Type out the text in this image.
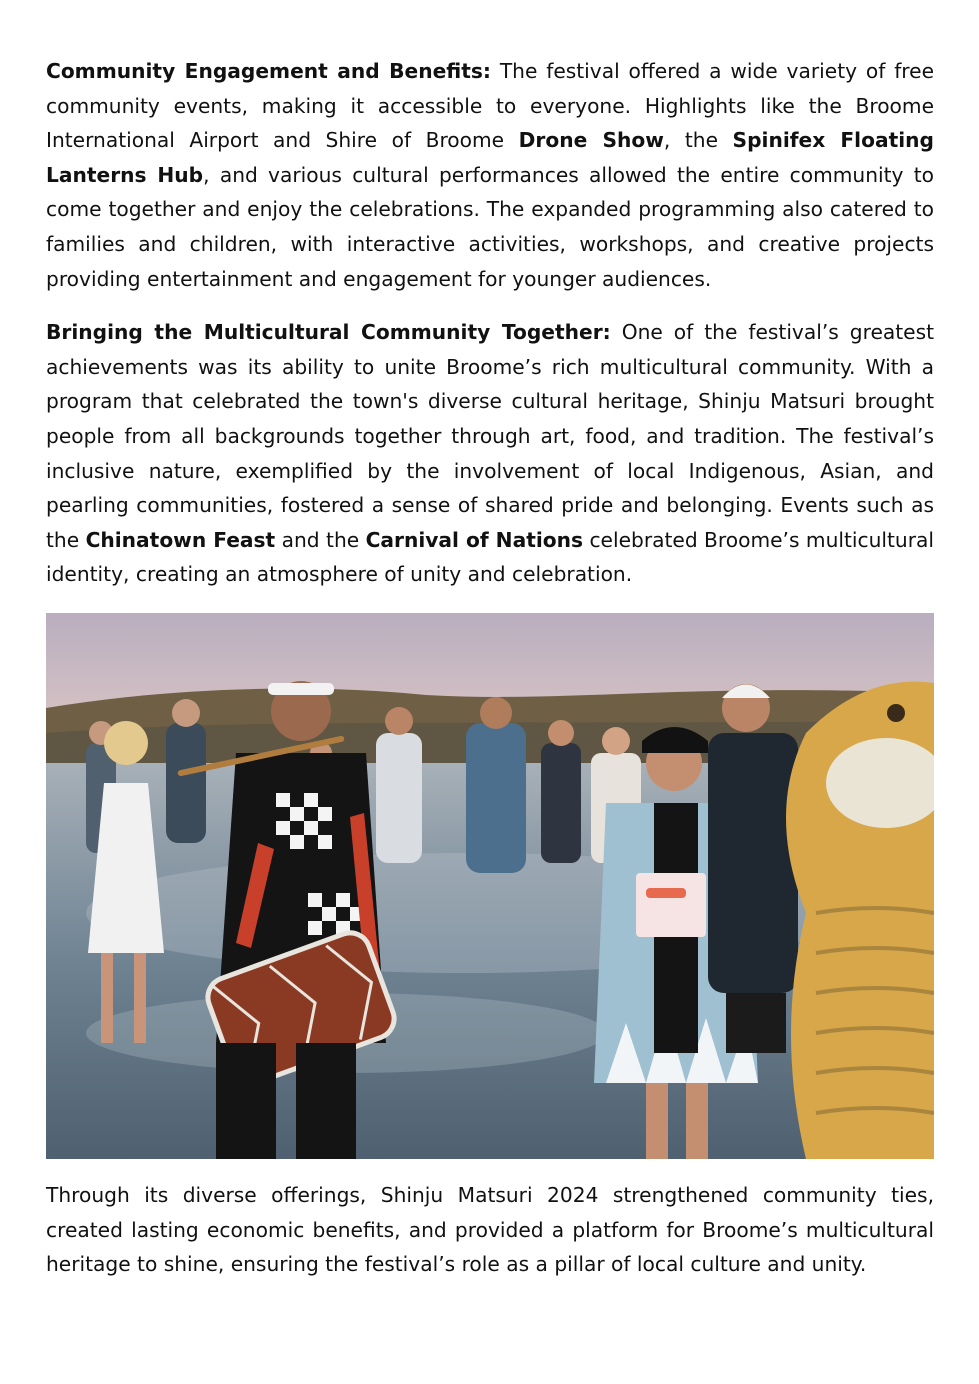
Community Engagement and Benefits: The festival offered a wide variety of free community events, making it accessible to everyone. Highlights like the Broome International Airport and Shire of Broome Drone Show, the Spinifex Floating Lanterns Hub, and various cultural performances allowed the entire community to come together and enjoy the celebrations. The expanded programming also catered to families and children, with interactive activities, workshops, and creative projects providing entertainment and engagement for younger audiences.

Bringing the Multicultural Community Together: One of the festival’s greatest achievements was its ability to unite Broome’s rich multicultural community. With a program that celebrated the town's diverse cultural heritage, Shinju Matsuri brought people from all backgrounds together through art, food, and tradition. The festival’s inclusive nature, exemplified by the involvement of local Indigenous, Asian, and pearling communities, fostered a sense of shared pride and belonging. Events such as the Chinatown Feast and the Carnival of Nations celebrated Broome’s multicultural identity, creating an atmosphere of unity and celebration.

Through its diverse offerings, Shinju Matsuri 2024 strengthened community ties, created lasting economic benefits, and provided a platform for Broome’s multicultural heritage to shine, ensuring the festival’s role as a pillar of local culture and unity.
